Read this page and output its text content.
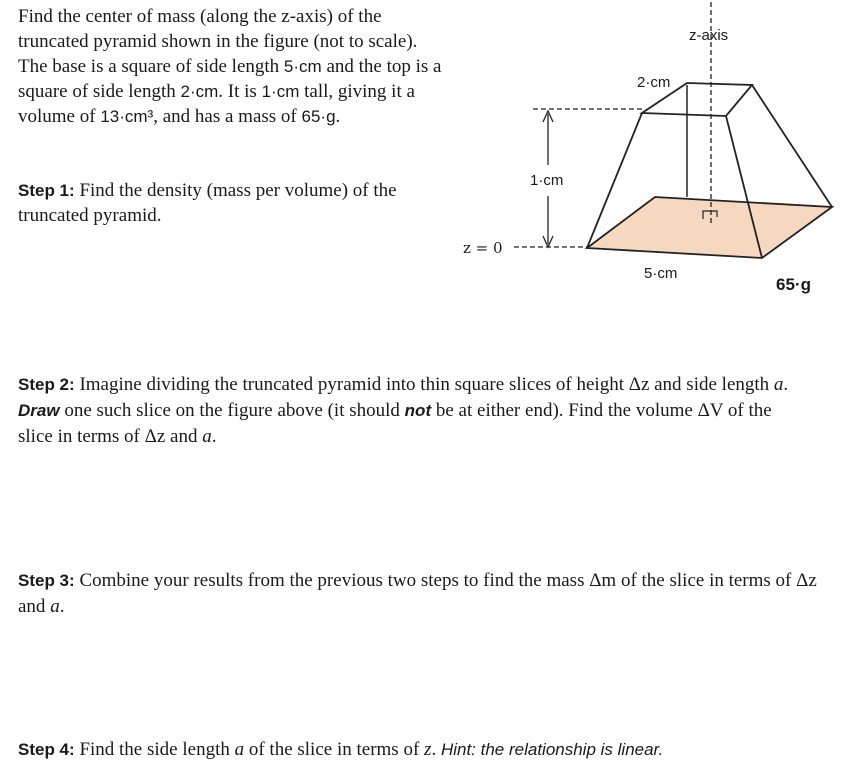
Find the center of mass (along the z-axis) of the truncated pyramid shown in the figure (not to scale). The base is a square of side length 5·cm and the top is a square of side length 2·cm. It is 1·cm tall, giving it a volume of 13·cm³, and has a mass of 65·g.
Step 1: Find the density (mass per volume) of the truncated pyramid.
z-axis
2·cm
1·cm
5·cm
65·g
z = 0
Step 2: Imagine dividing the truncated pyramid into thin square slices of height Δz and side length a. Draw one such slice on the figure above (it should not be at either end). Find the volume ΔV of the slice in terms of Δz and a.
Step 3: Combine your results from the previous two steps to find the mass Δm of the slice in terms of Δz and a.
Step 4: Find the side length a of the slice in terms of z. Hint: the relationship is linear.
